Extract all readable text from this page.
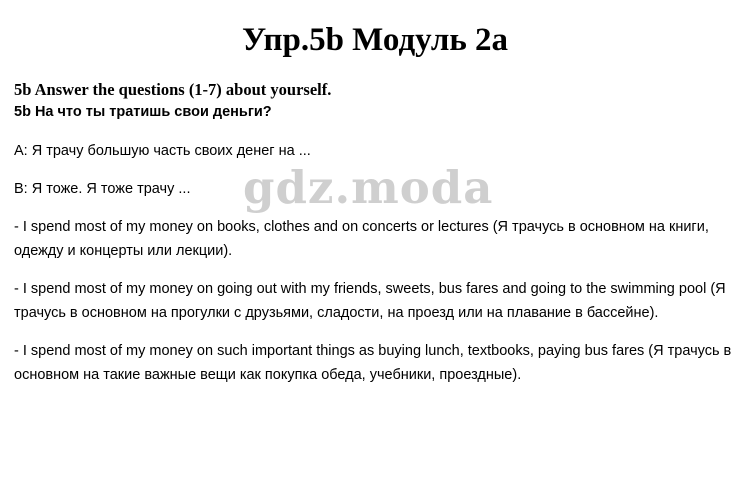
Упр.5b Модуль 2a
5b Answer the questions (1-7) about yourself.
5b На что ты тратишь свои деньги?
A: Я трачу большую часть своих денег на ...
B: Я тоже. Я тоже трачу ...
- I spend most of my money on books, clothes and on concerts or lectures (Я трачусь в основном на книги, одежду и концерты или лекции).
- I spend most of my money on going out with my friends, sweets, bus fares and going to the swimming pool (Я трачусь в основном на прогулки с друзьями, сладости, на проезд или на плавание в бассейне).
- I spend most of my money on such important things as buying lunch, textbooks, paying bus fares (Я трачусь в основном на такие важные вещи как покупка обеда, учебники, проездные).
gdz.moda
